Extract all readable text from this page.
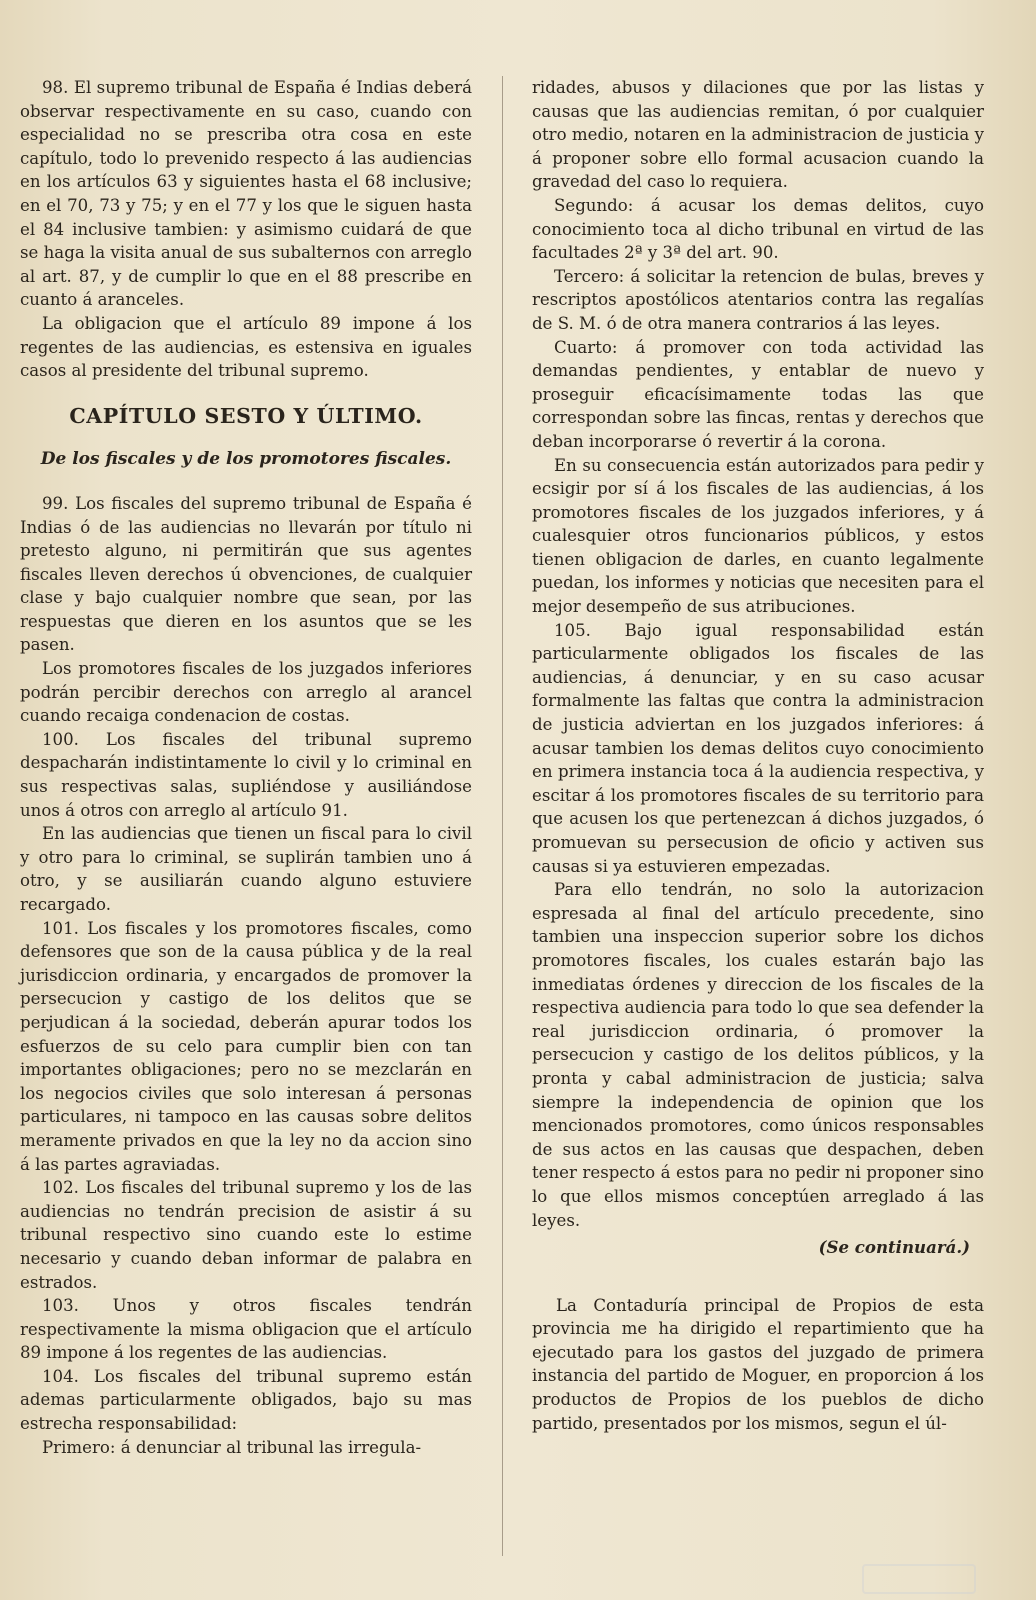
98. El supremo tribunal de España é Indias deberá observar respectivamente en su caso, cuando con especialidad no se prescriba otra cosa en este capítulo, todo lo prevenido respecto á las audiencias en los artículos 63 y siguientes hasta el 68 inclusive; en el 70, 73 y 75; y en el 77 y los que le siguen hasta el 84 inclusive tambien: y asimismo cuidará de que se haga la visita anual de sus subalternos con arreglo al art. 87, y de cumplir lo que en el 88 prescribe en cuanto á aranceles.

La obligacion que el artículo 89 impone á los regentes de las audiencias, es estensiva en iguales casos al presidente del tribunal supremo.

CAPÍTULO SESTO Y ÚLTIMO.
De los fiscales y de los promotores fiscales.

99. Los fiscales del supremo tribunal de España é Indias ó de las audiencias no llevarán por título ni pretesto alguno, ni permitirán que sus agentes fiscales lleven derechos ú obvenciones, de cualquier clase y bajo cualquier nombre que sean, por las respuestas que dieren en los asuntos que se les pasen.

Los promotores fiscales de los juzgados inferiores podrán percibir derechos con arreglo al arancel cuando recaiga condenacion de costas.

100. Los fiscales del tribunal supremo despacharán indistintamente lo civil y lo criminal en sus respectivas salas, supliéndose y ausiliándose unos á otros con arreglo al artículo 91.

En las audiencias que tienen un fiscal para lo civil y otro para lo criminal, se suplirán tambien uno á otro, y se ausiliarán cuando alguno estuviere recargado.

101. Los fiscales y los promotores fiscales, como defensores que son de la causa pública y de la real jurisdiccion ordinaria, y encargados de promover la persecucion y castigo de los delitos que se perjudican á la sociedad, deberán apurar todos los esfuerzos de su celo para cumplir bien con tan importantes obligaciones; pero no se mezclarán en los negocios civiles que solo interesan á personas particulares, ni tampoco en las causas sobre delitos meramente privados en que la ley no da accion sino á las partes agraviadas.

102. Los fiscales del tribunal supremo y los de las audiencias no tendrán precision de asistir á su tribunal respectivo sino cuando este lo estime necesario y cuando deban informar de palabra en estrados.

103. Unos y otros fiscales tendrán respectivamente la misma obligacion que el artículo 89 impone á los regentes de las audiencias.

104. Los fiscales del tribunal supremo están ademas particularmente obligados, bajo su mas estrecha responsabilidad:

Primero: á denunciar al tribunal las irregula-

ridades, abusos y dilaciones que por las listas y causas que las audiencias remitan, ó por cualquier otro medio, notaren en la administracion de justicia y á proponer sobre ello formal acusacion cuando la gravedad del caso lo requiera.

Segundo: á acusar los demas delitos, cuyo conocimiento toca al dicho tribunal en virtud de las facultades 2ª y 3ª del art. 90.

Tercero: á solicitar la retencion de bulas, breves y rescriptos apostólicos atentarios contra las regalías de S. M. ó de otra manera contrarios á las leyes.

Cuarto: á promover con toda actividad las demandas pendientes, y entablar de nuevo y proseguir eficacísimamente todas las que correspondan sobre las fincas, rentas y derechos que deban incorporarse ó revertir á la corona.

En su consecuencia están autorizados para pedir y ecsigir por sí á los fiscales de las audiencias, á los promotores fiscales de los juzgados inferiores, y á cualesquier otros funcionarios públicos, y estos tienen obligacion de darles, en cuanto legalmente puedan, los informes y noticias que necesiten para el mejor desempeño de sus atribuciones.

105. Bajo igual responsabilidad están particularmente obligados los fiscales de las audiencias, á denunciar, y en su caso acusar formalmente las faltas que contra la administracion de justicia adviertan en los juzgados inferiores: á acusar tambien los demas delitos cuyo conocimiento en primera instancia toca á la audiencia respectiva, y escitar á los promotores fiscales de su territorio para que acusen los que pertenezcan á dichos juzgados, ó promuevan su persecusion de oficio y activen sus causas si ya estuvieren empezadas.

Para ello tendrán, no solo la autorizacion espresada al final del artículo precedente, sino tambien una inspeccion superior sobre los dichos promotores fiscales, los cuales estarán bajo las inmediatas órdenes y direccion de los fiscales de la respectiva audiencia para todo lo que sea defender la real jurisdiccion ordinaria, ó promover la persecucion y castigo de los delitos públicos, y la pronta y cabal administracion de justicia; salva siempre la independencia de opinion que los mencionados promotores, como únicos responsables de sus actos en las causas que despachen, deben tener respecto á estos para no pedir ni proponer sino lo que ellos mismos conceptúen arreglado á las leyes.

(Se continuará.)

La Contaduría principal de Propios de esta provincia me ha dirigido el repartimiento que ha ejecutado para los gastos del juzgado de primera instancia del partido de Moguer, en proporcion á los productos de Propios de los pueblos de dicho partido, presentados por los mismos, segun el úl-
